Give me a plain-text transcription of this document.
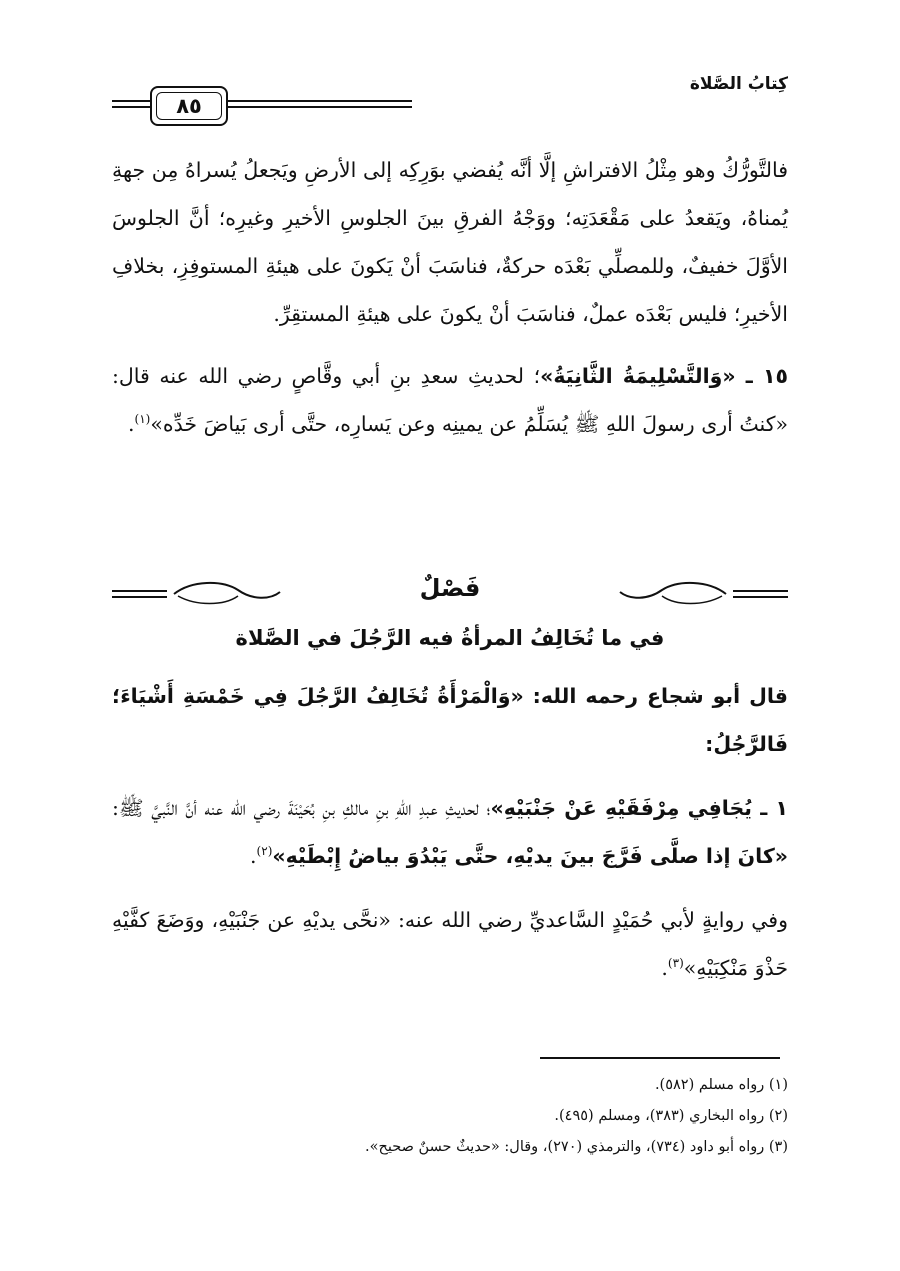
كِتابُ الصَّلاة
٨٥

فالتَّورُّكُ وهو مِثْلُ الافتراشِ إلَّا أنَّه يُفضي بوَرِكِه إلى الأرضِ ويَجعلُ يُسراهُ مِن جهةِ يُمناهُ، ويَقعدُ على مَقْعَدَتِه؛ ووَجْهُ الفرقِ بينَ الجلوسِ الأخيرِ وغيرِه؛ أنَّ الجلوسَ الأوَّلَ خفيفٌ، وللمصلِّي بَعْدَه حركةٌ، فناسَبَ أنْ يَكونَ على هيئةِ المستوفِزِ، بخلافِ الأخيرِ؛ فليس بَعْدَه عملٌ، فناسَبَ أنْ يكونَ على هيئةِ المستقِرِّ.

١٥ ـ «وَالتَّسْلِيمَةُ الثَّانِيَةُ»؛ لحديثِ سعدِ بنِ أبي وقَّاصٍ رضي الله عنه قال: «كنتُ أرى رسولَ اللهِ ﷺ يُسَلِّمُ عن يمينِه وعن يَسارِه، حتَّى أرى بَياضَ خَدِّه»$^{(١)}$.

فَصْلٌ
في ما تُخَالِفُ المرأةُ فيه الرَّجُلَ في الصَّلاة

قال أبو شجاع رحمه الله: «وَالْمَرْأَةُ تُخَالِفُ الرَّجُلَ فِي خَمْسَةِ أَشْيَاءَ؛ فَالرَّجُلُ:

١ ـ يُجَافِي مِرْفَقَيْهِ عَنْ جَنْبَيْهِ»؛ لحديثِ عبدِ اللهِ بنِ مالكِ بنِ بُحَيْنَةَ رضي الله عنه أنَّ النَّبيَّ ﷺ: «كانَ إذا صلَّى فَرَّجَ بينَ يديْهِ، حتَّى يَبْدُوَ بياضُ إِبْطَيْهِ»$^{(٢)}$.

وفي روايةٍ لأبي حُمَيْدٍ السَّاعديِّ رضي الله عنه: «نحَّى يديْهِ عن جَنْبَيْهِ، ووَضَعَ كفَّيْهِ حَذْوَ مَنْكِبَيْهِ»$^{(٣)}$.

(١) رواه مسلم (٥٨٢).
(٢) رواه البخاري (٣٨٣)، ومسلم (٤٩٥).
(٣) رواه أبو داود (٧٣٤)، والترمذي (٢٧٠)، وقال: «حديثٌ حسنٌ صحيح».
